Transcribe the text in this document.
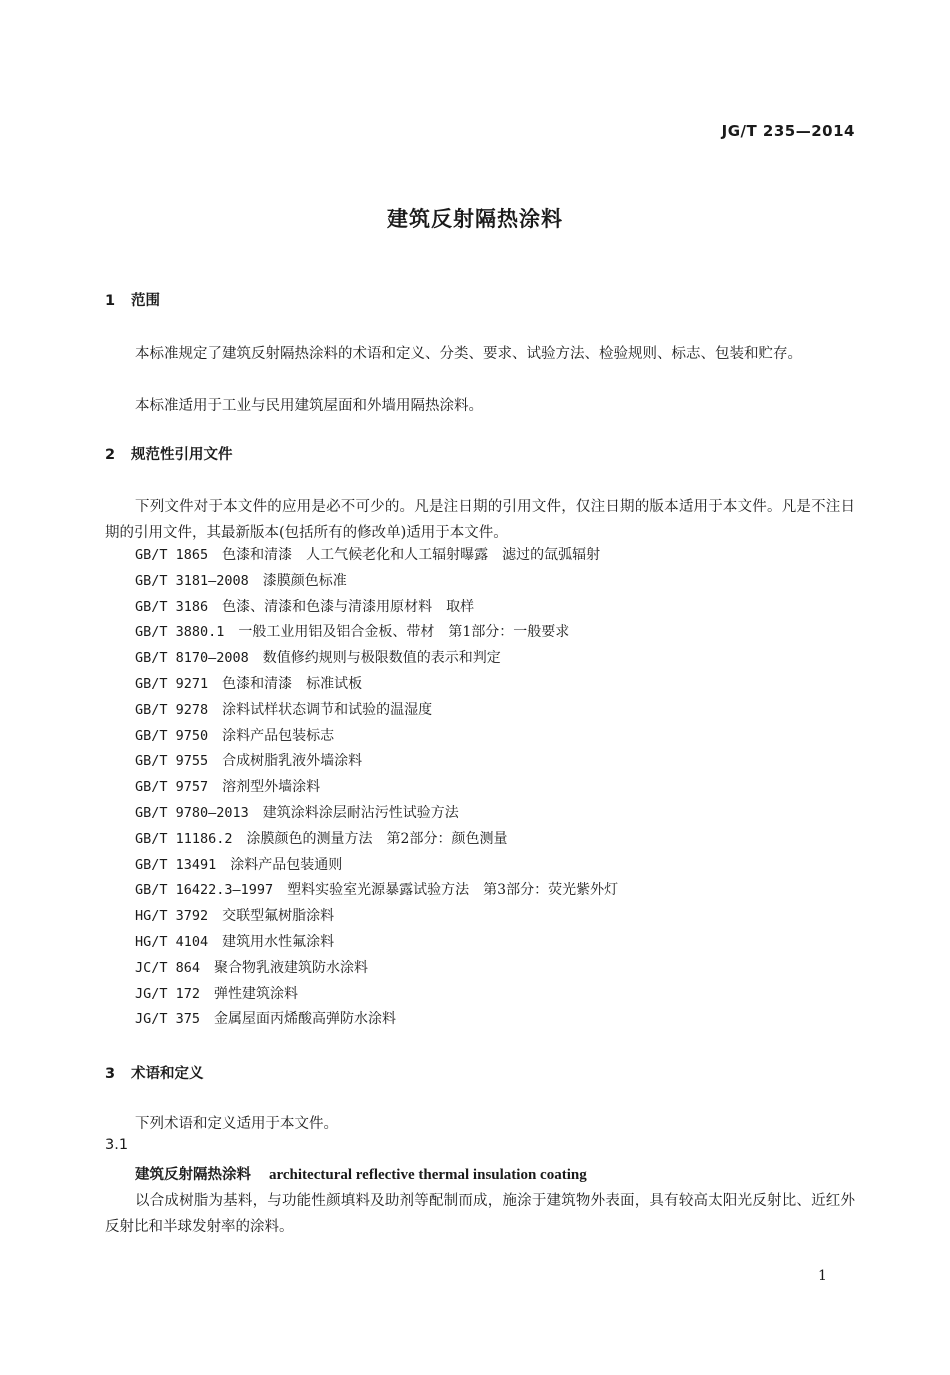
JG/T 235—2014
建筑反射隔热涂料
1 范围
本标准规定了建筑反射隔热涂料的术语和定义、分类、要求、试验方法、检验规则、标志、包装和贮存。
本标准适用于工业与民用建筑屋面和外墙用隔热涂料。
2 规范性引用文件
下列文件对于本文件的应用是必不可少的。凡是注日期的引用文件，仅注日期的版本适用于本文件。凡是不注日期的引用文件，其最新版本(包括所有的修改单)适用于本文件。
GB/T 1865 色漆和清漆　人工气候老化和人工辐射曝露　滤过的氙弧辐射
GB/T 3181—2008 漆膜颜色标准
GB/T 3186 色漆、清漆和色漆与清漆用原材料　取样
GB/T 3880.1 一般工业用铝及铝合金板、带材　第1部分：一般要求
GB/T 8170—2008 数值修约规则与极限数值的表示和判定
GB/T 9271 色漆和清漆　标准试板
GB/T 9278 涂料试样状态调节和试验的温湿度
GB/T 9750 涂料产品包装标志
GB/T 9755 合成树脂乳液外墙涂料
GB/T 9757 溶剂型外墙涂料
GB/T 9780—2013 建筑涂料涂层耐沾污性试验方法
GB/T 11186.2 涂膜颜色的测量方法　第2部分：颜色测量
GB/T 13491 涂料产品包装通则
GB/T 16422.3—1997 塑料实验室光源暴露试验方法　第3部分：荧光紫外灯
HG/T 3792 交联型氟树脂涂料
HG/T 4104 建筑用水性氟涂料
JC/T 864 聚合物乳液建筑防水涂料
JG/T 172 弹性建筑涂料
JG/T 375 金属屋面丙烯酸高弹防水涂料
3 术语和定义
下列术语和定义适用于本文件。
3.1
建筑反射隔热涂料 architectural reflective thermal insulation coating
以合成树脂为基料，与功能性颜填料及助剂等配制而成，施涂于建筑物外表面，具有较高太阳光反射比、近红外反射比和半球发射率的涂料。
1
